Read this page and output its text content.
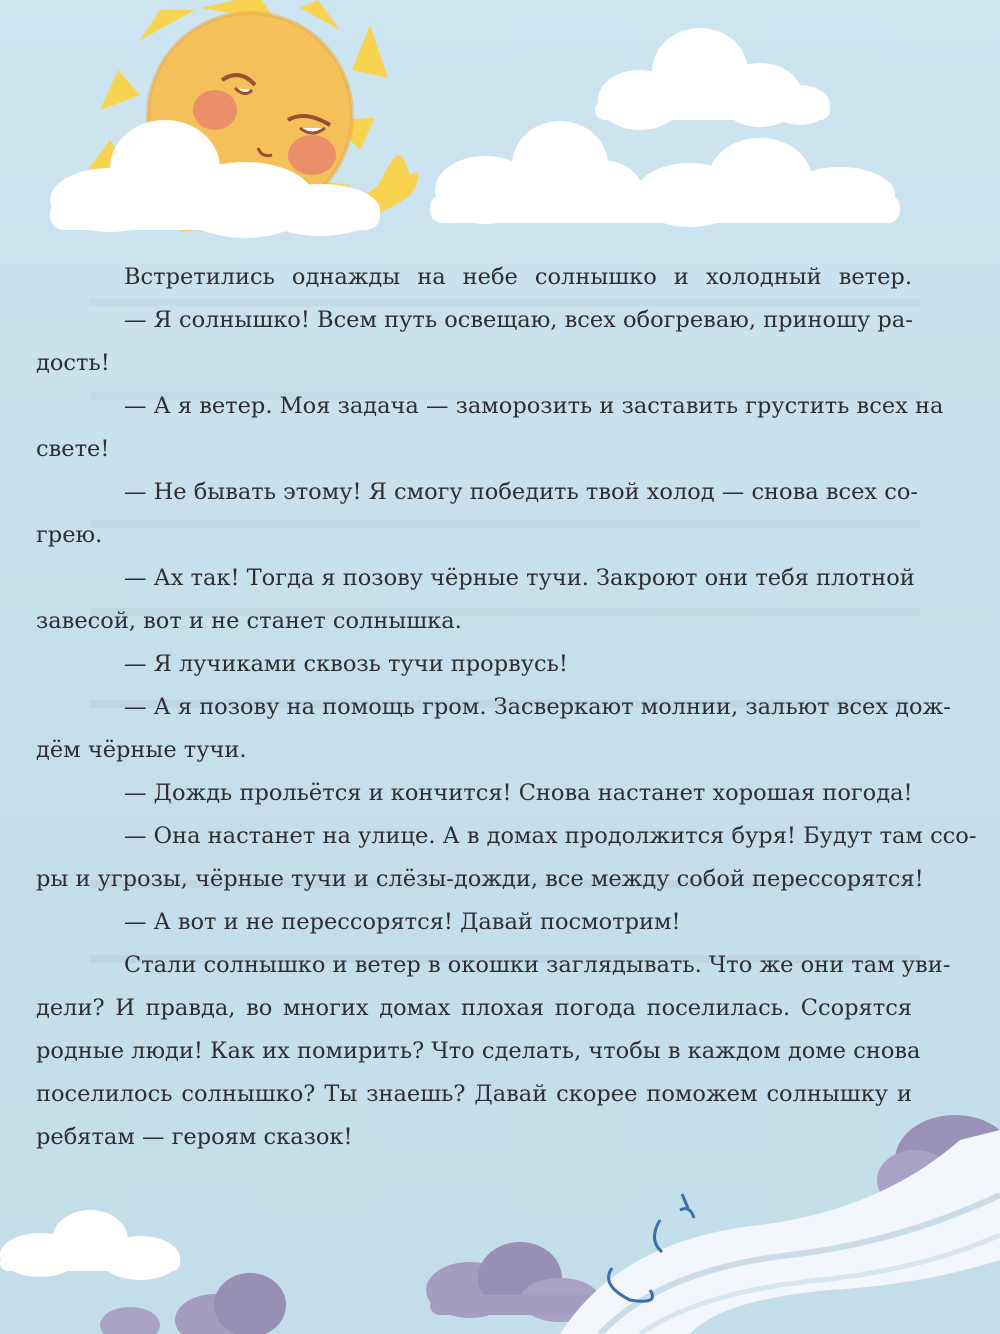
Встретились однажды на небе солнышко и холодный ветер.
— Я солнышко! Всем путь освещаю, всех обогреваю, приношу ра-
дость!
— А я ветер. Моя задача — заморозить и заставить грустить всех на
свете!
— Не бывать этому! Я смогу победить твой холод — снова всех со-
грею.
— Ах так! Тогда я позову чёрные тучи. Закроют они тебя плотной
завесой, вот и не станет солнышка.
— Я лучиками сквозь тучи прорвусь!
— А я позову на помощь гром. Засверкают молнии, зальют всех дож-
дём чёрные тучи.
— Дождь прольётся и кончится! Снова настанет хорошая погода!
— Она настанет на улице. А в домах продолжится буря! Будут там ссо-
ры и угрозы, чёрные тучи и слёзы-дожди, все между собой перессорятся!
— А вот и не перессорятся! Давай посмотрим!
Стали солнышко и ветер в окошки заглядывать. Что же они там уви-
дели? И правда, во многих домах плохая погода поселилась. Ссорятся
родные люди! Как их помирить? Что сделать, чтобы в каждом доме снова
поселилось солнышко? Ты знаешь? Давай скорее поможем солнышку и
ребятам — героям сказок!
